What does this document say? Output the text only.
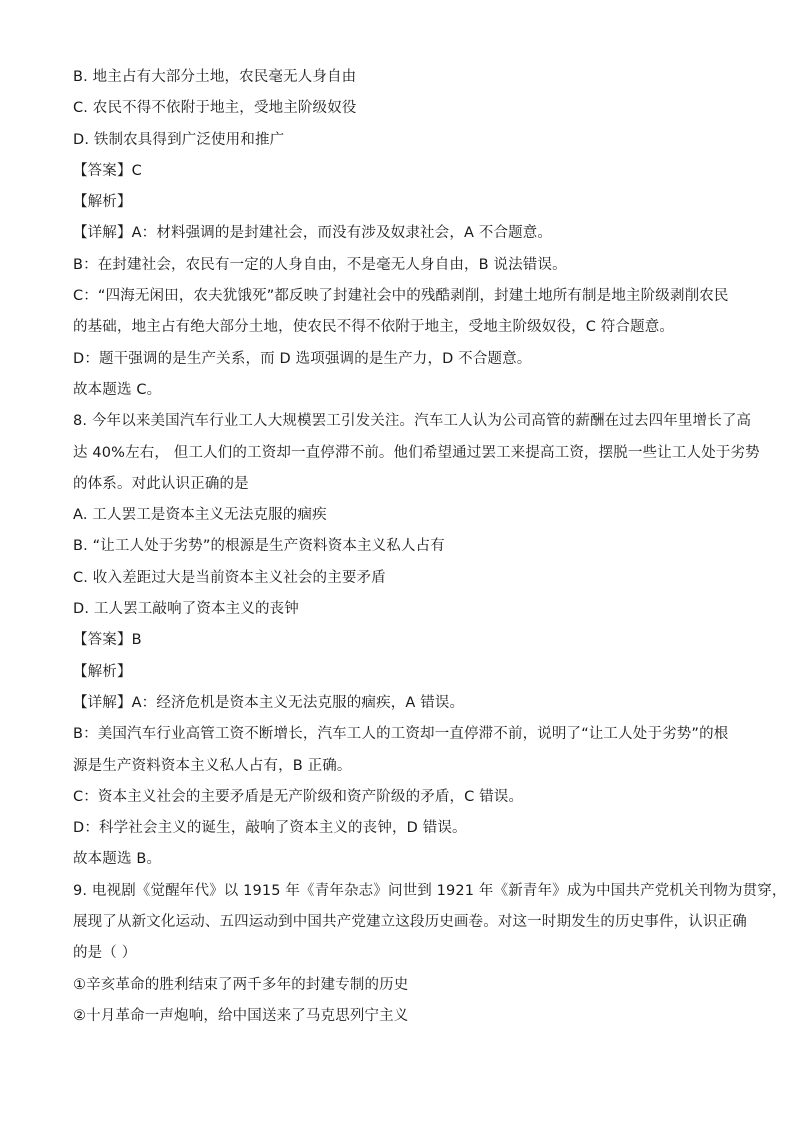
B. 地主占有大部分土地，农民毫无人身自由
C. 农民不得不依附于地主，受地主阶级奴役
D. 铁制农具得到广泛使用和推广
【答案】C
【解析】
【详解】A：材料强调的是封建社会，而没有涉及奴隶社会，A 不合题意。
B：在封建社会，农民有一定的人身自由，不是毫无人身自由，B 说法错误。
C：“四海无闲田，农夫犹饿死”都反映了封建社会中的残酷剥削，封建土地所有制是地主阶级剥削农民
的基础，地主占有绝大部分土地，使农民不得不依附于地主，受地主阶级奴役，C 符合题意。
D：题干强调的是生产关系，而 D 选项强调的是生产力，D 不合题意。
故本题选 C。
8. 今年以来美国汽车行业工人大规模罢工引发关注。汽车工人认为公司高管的薪酬在过去四年里增长了高
达 40%左右， 但工人们的工资却一直停滞不前。他们希望通过罢工来提高工资，摆脱一些让工人处于劣势
的体系。对此认识正确的是
A. 工人罢工是资本主义无法克服的痼疾
B. “让工人处于劣势”的根源是生产资料资本主义私人占有
C. 收入差距过大是当前资本主义社会的主要矛盾
D. 工人罢工敲响了资本主义的丧钟
【答案】B
【解析】
【详解】A：经济危机是资本主义无法克服的痼疾，A 错误。
B：美国汽车行业高管工资不断增长，汽车工人的工资却一直停滞不前，说明了“让工人处于劣势”的根
源是生产资料资本主义私人占有，B 正确。
C：资本主义社会的主要矛盾是无产阶级和资产阶级的矛盾，C 错误。
D：科学社会主义的诞生，敲响了资本主义的丧钟，D 错误。
故本题选 B。
9. 电视剧《觉醒年代》以 1915 年《青年杂志》问世到 1921 年《新青年》成为中国共产党机关刊物为贯穿，
展现了从新文化运动、五四运动到中国共产党建立这段历史画卷。对这一时期发生的历史事件，认识正确
的是（ ）
①辛亥革命的胜利结束了两千多年的封建专制的历史
②十月革命一声炮响，给中国送来了马克思列宁主义
